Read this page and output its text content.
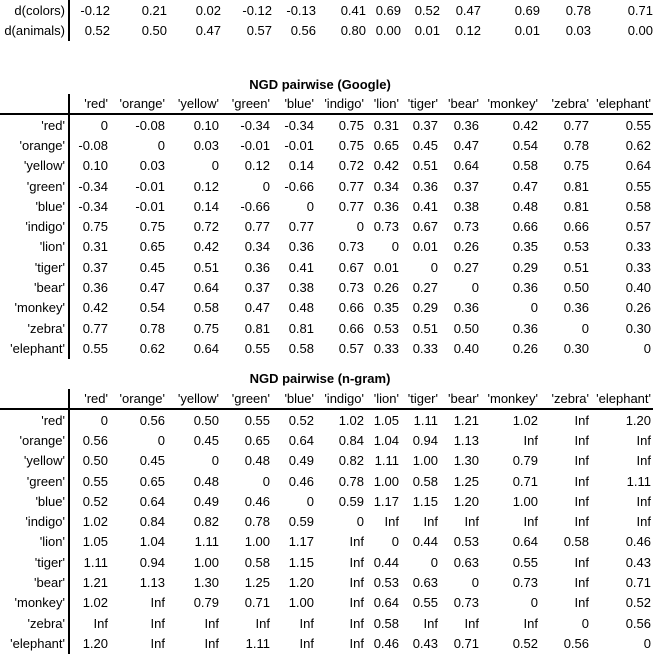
d(colors)	-0.12	0.21	0.02	-0.12	-0.13	0.41	0.69	0.52	0.47	0.69	0.78	0.71
d(animals)	0.52	0.50	0.47	0.57	0.56	0.80	0.00	0.01	0.12	0.01	0.03	0.00
NGD pairwise (Google)
	'red'	'orange'	'yellow'	'green'	'blue'	'indigo'	'lion'	'tiger'	'bear'	'monkey'	'zebra'	'elephant'
'red'	0	-0.08	0.10	-0.34	-0.34	0.75	0.31	0.37	0.36	0.42	0.77	0.55
'orange'	-0.08	0	0.03	-0.01	-0.01	0.75	0.65	0.45	0.47	0.54	0.78	0.62
'yellow'	0.10	0.03	0	0.12	0.14	0.72	0.42	0.51	0.64	0.58	0.75	0.64
'green'	-0.34	-0.01	0.12	0	-0.66	0.77	0.34	0.36	0.37	0.47	0.81	0.55
'blue'	-0.34	-0.01	0.14	-0.66	0	0.77	0.36	0.41	0.38	0.48	0.81	0.58
'indigo'	0.75	0.75	0.72	0.77	0.77	0	0.73	0.67	0.73	0.66	0.66	0.57
'lion'	0.31	0.65	0.42	0.34	0.36	0.73	0	0.01	0.26	0.35	0.53	0.33
'tiger'	0.37	0.45	0.51	0.36	0.41	0.67	0.01	0	0.27	0.29	0.51	0.33
'bear'	0.36	0.47	0.64	0.37	0.38	0.73	0.26	0.27	0	0.36	0.50	0.40
'monkey'	0.42	0.54	0.58	0.47	0.48	0.66	0.35	0.29	0.36	0	0.36	0.26
'zebra'	0.77	0.78	0.75	0.81	0.81	0.66	0.53	0.51	0.50	0.36	0	0.30
'elephant'	0.55	0.62	0.64	0.55	0.58	0.57	0.33	0.33	0.40	0.26	0.30	0
NGD pairwise (n-gram)
	'red'	'orange'	'yellow'	'green'	'blue'	'indigo'	'lion'	'tiger'	'bear'	'monkey'	'zebra'	'elephant'
'red'	0	0.56	0.50	0.55	0.52	1.02	1.05	1.11	1.21	1.02	Inf	1.20
'orange'	0.56	0	0.45	0.65	0.64	0.84	1.04	0.94	1.13	Inf	Inf	Inf
'yellow'	0.50	0.45	0	0.48	0.49	0.82	1.11	1.00	1.30	0.79	Inf	Inf
'green'	0.55	0.65	0.48	0	0.46	0.78	1.00	0.58	1.25	0.71	Inf	1.11
'blue'	0.52	0.64	0.49	0.46	0	0.59	1.17	1.15	1.20	1.00	Inf	Inf
'indigo'	1.02	0.84	0.82	0.78	0.59	0	Inf	Inf	Inf	Inf	Inf	Inf
'lion'	1.05	1.04	1.11	1.00	1.17	Inf	0	0.44	0.53	0.64	0.58	0.46
'tiger'	1.11	0.94	1.00	0.58	1.15	Inf	0.44	0	0.63	0.55	Inf	0.43
'bear'	1.21	1.13	1.30	1.25	1.20	Inf	0.53	0.63	0	0.73	Inf	0.71
'monkey'	1.02	Inf	0.79	0.71	1.00	Inf	0.64	0.55	0.73	0	Inf	0.52
'zebra'	Inf	Inf	Inf	Inf	Inf	Inf	0.58	Inf	Inf	Inf	0	0.56
'elephant'	1.20	Inf	Inf	1.11	Inf	Inf	0.46	0.43	0.71	0.52	0.56	0
